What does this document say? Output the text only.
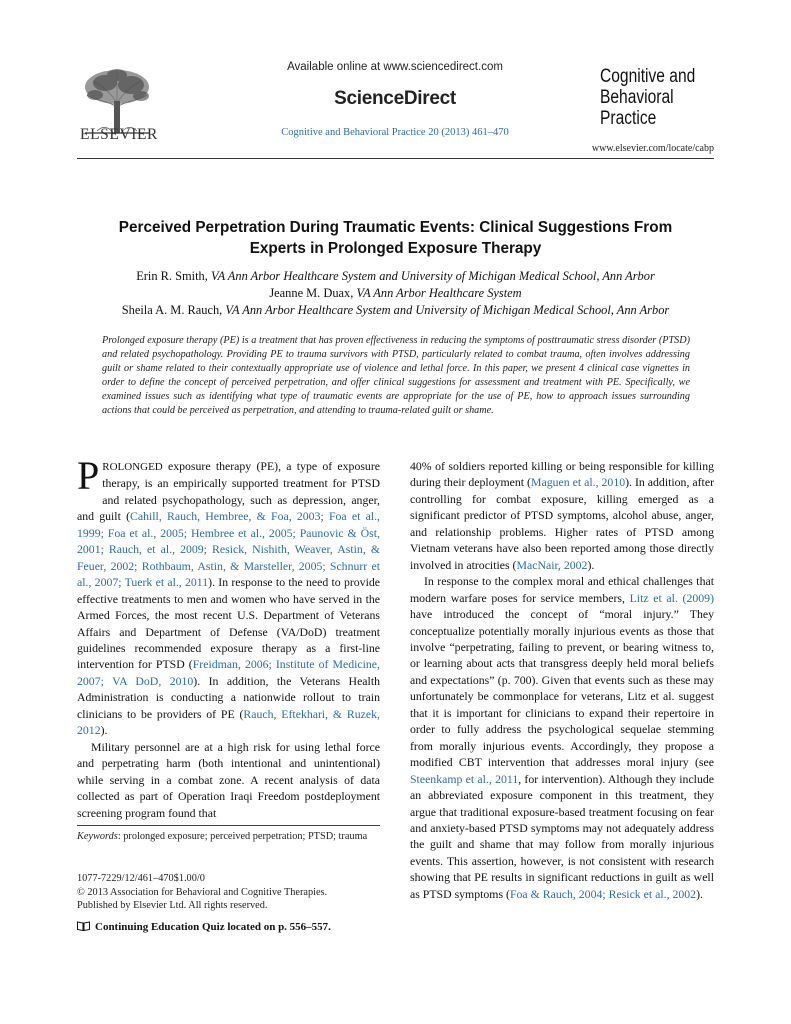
ELSEVIER
Available online at www.sciencedirect.com
ScienceDirect
Cognitive and Behavioral Practice 20 (2013) 461–470
Cognitive and
Behavioral
Practice
www.elsevier.com/locate/cabp
Perceived Perpetration During Traumatic Events: Clinical Suggestions From
Experts in Prolonged Exposure Therapy
Erin R. Smith, VA Ann Arbor Healthcare System and University of Michigan Medical School, Ann Arbor
Jeanne M. Duax, VA Ann Arbor Healthcare System
Sheila A. M. Rauch, VA Ann Arbor Healthcare System and University of Michigan Medical School, Ann Arbor
Prolonged exposure therapy (PE) is a treatment that has proven effectiveness in reducing the symptoms of posttraumatic stress disorder (PTSD) and related psychopathology. Providing PE to trauma survivors with PTSD, particularly related to combat trauma, often involves addressing guilt or shame related to their contextually appropriate use of violence and lethal force. In this paper, we present 4 clinical case vignettes in order to define the concept of perceived perpetration, and offer clinical suggestions for assessment and treatment with PE. Specifically, we examined issues such as identifying what type of traumatic events are appropriate for the use of PE, how to approach issues surrounding actions that could be perceived as perpetration, and attending to trauma-related guilt or shame.

PROLONGED exposure therapy (PE), a type of exposure therapy, is an empirically supported treatment for PTSD and related psychopathology, such as depression, anger, and guilt (Cahill, Rauch, Hembree, & Foa, 2003; Foa et al., 1999; Foa et al., 2005; Hembree et al., 2005; Paunovic & Öst, 2001; Rauch, et al., 2009; Resick, Nishith, Weaver, Astin, & Feuer, 2002; Rothbaum, Astin, & Marsteller, 2005; Schnurr et al., 2007; Tuerk et al., 2011). In response to the need to provide effective treatments to men and women who have served in the Armed Forces, the most recent U.S. Department of Veterans Affairs and Department of Defense (VA/DoD) treatment guidelines recommended exposure therapy as a first-line intervention for PTSD (Freidman, 2006; Institute of Medicine, 2007; VA DoD, 2010). In addition, the Veterans Health Administration is conducting a nationwide rollout to train clinicians to be providers of PE (Rauch, Eftekhari, & Ruzek, 2012).

Military personnel are at a high risk for using lethal force and perpetrating harm (both intentional and unintentional) while serving in a combat zone. A recent analysis of data collected as part of Operation Iraqi Freedom postdeployment screening program found that

40% of soldiers reported killing or being responsible for killing during their deployment (Maguen et al., 2010). In addition, after controlling for combat exposure, killing emerged as a significant predictor of PTSD symptoms, alcohol abuse, anger, and relationship problems. Higher rates of PTSD among Vietnam veterans have also been reported among those directly involved in atrocities (MacNair, 2002).

In response to the complex moral and ethical challenges that modern warfare poses for service members, Litz et al. (2009) have introduced the concept of “moral injury.” They conceptualize potentially morally injurious events as those that involve “perpetrating, failing to prevent, or bearing witness to, or learning about acts that transgress deeply held moral beliefs and expectations” (p. 700). Given that events such as these may unfortunately be commonplace for veterans, Litz et al. suggest that it is important for clinicians to expand their repertoire in order to fully address the psychological sequelae stemming from morally injurious events. Accordingly, they propose a modified CBT intervention that addresses moral injury (see Steenkamp et al., 2011, for intervention). Although they include an abbreviated exposure component in this treatment, they argue that traditional exposure-based treatment focusing on fear and anxiety-based PTSD symptoms may not adequately address the guilt and shame that may follow from morally injurious events. This assertion, however, is not consistent with research showing that PE results in significant reductions in guilt as well as PTSD symptoms (Foa & Rauch, 2004; Resick et al., 2002).

Keywords: prolonged exposure; perceived perpetration; PTSD; trauma
1077-7229/12/461–470$1.00/0
© 2013 Association for Behavioral and Cognitive Therapies.
Published by Elsevier Ltd. All rights reserved.
Continuing Education Quiz located on p. 556–557.
